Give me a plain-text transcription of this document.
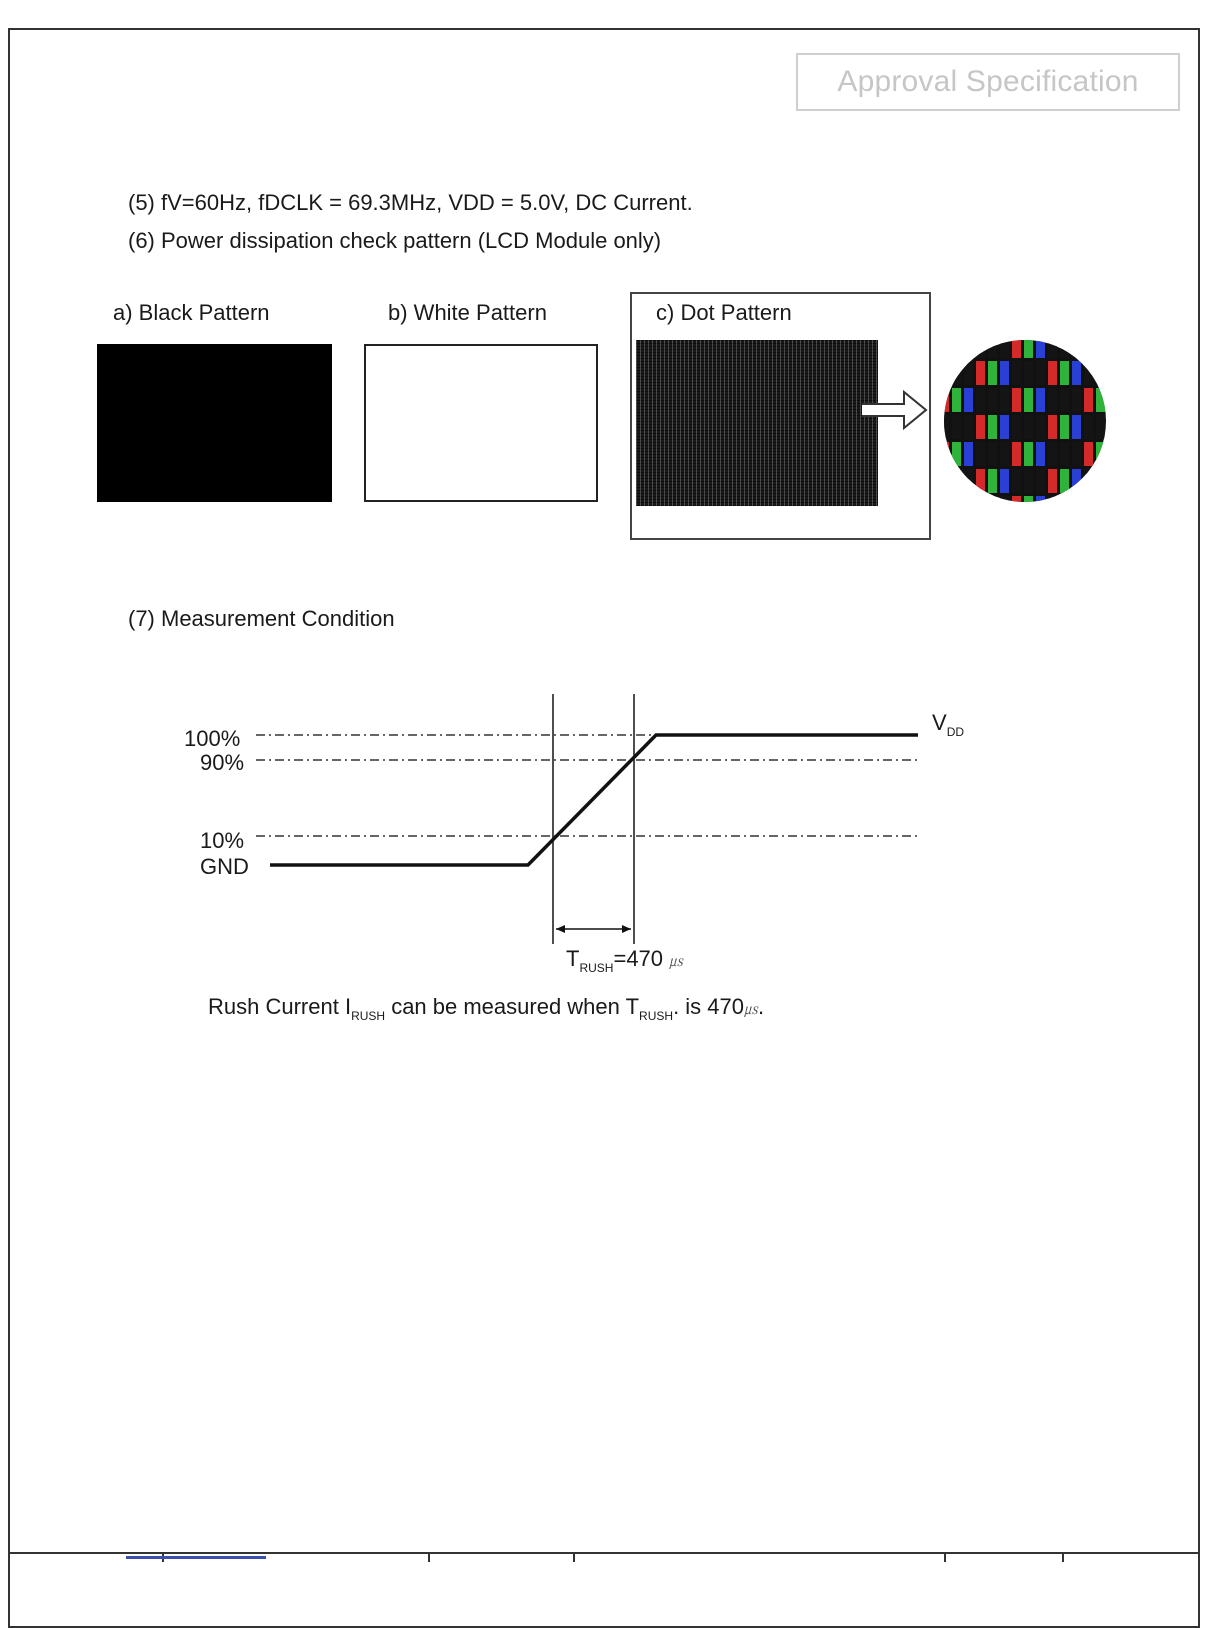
Approval Specification
(5) fV=60Hz, fDCLK = 69.3MHz, VDD = 5.0V, DC Current.
(6) Power dissipation check pattern (LCD Module only)
a) Black Pattern	b) White Pattern	c) Dot Pattern
(7) Measurement Condition
100%
90%
10%
GND
$V_{DD}$
$T_{RUSH}=470$ ㎲
Rush Current $I_{RUSH}$ can be measured when $T_{RUSH}$. is 470㎲.
